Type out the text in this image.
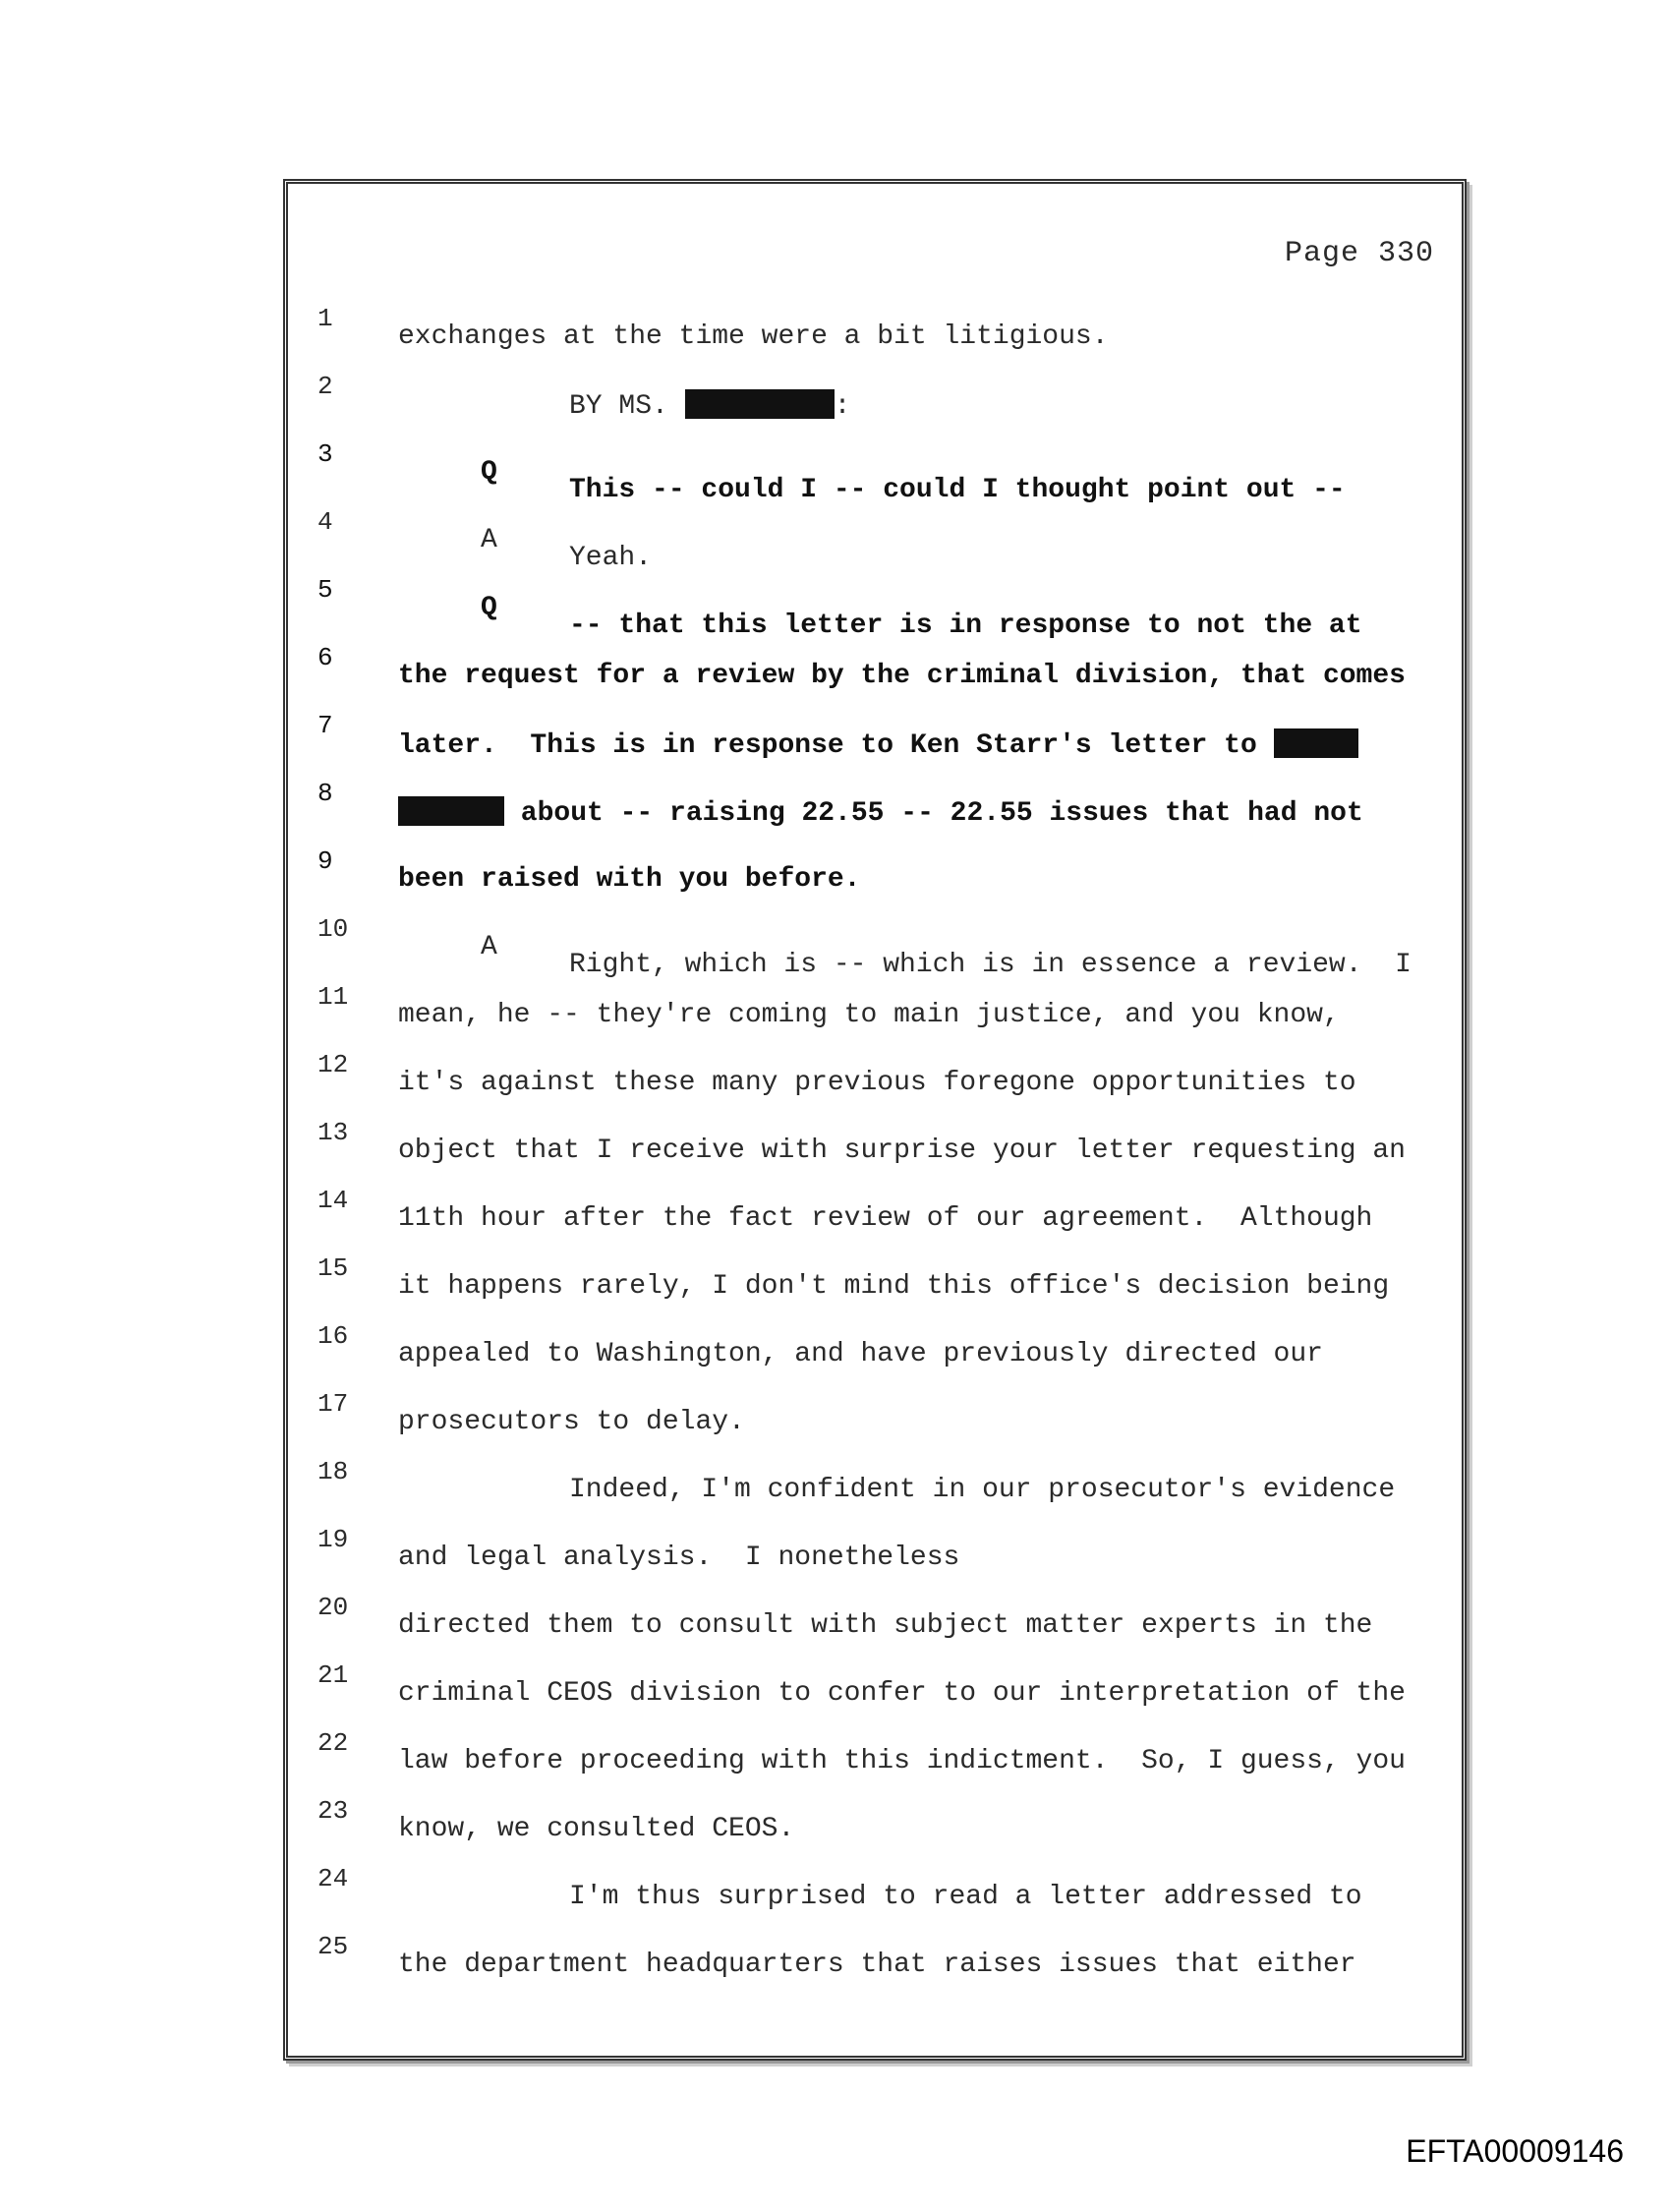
Page 330

1

exchanges at the time were a bit litigious.

2

BY MS.	:

3

Q

This -- could I -- could I thought point out --

4

A

Yeah.

5

Q

-- that this letter is in response to not the at

6

the request for a review by the criminal division, that comes

7

later.  This is in response to Ken Starr's letter to

8

about -- raising 22.55 -- 22.55 issues that had not

9

been raised with you before.

10

A

Right, which is -- which is in essence a review.  I

11

mean, he -- they're coming to main justice, and you know,

12

it's against these many previous foregone opportunities to

13

object that I receive with surprise your letter requesting an

14

11th hour after the fact review of our agreement.  Although

15

it happens rarely, I don't mind this office's decision being

16

appealed to Washington, and have previously directed our

17

prosecutors to delay.

18

Indeed, I'm confident in our prosecutor's evidence

19

and legal analysis.  I nonetheless

20

directed them to consult with subject matter experts in the

21

criminal CEOS division to confer to our interpretation of the

22

law before proceeding with this indictment.  So, I guess, you

23

know, we consulted CEOS.

24

I'm thus surprised to read a letter addressed to

25

the department headquarters that raises issues that either

EFTA00009146
